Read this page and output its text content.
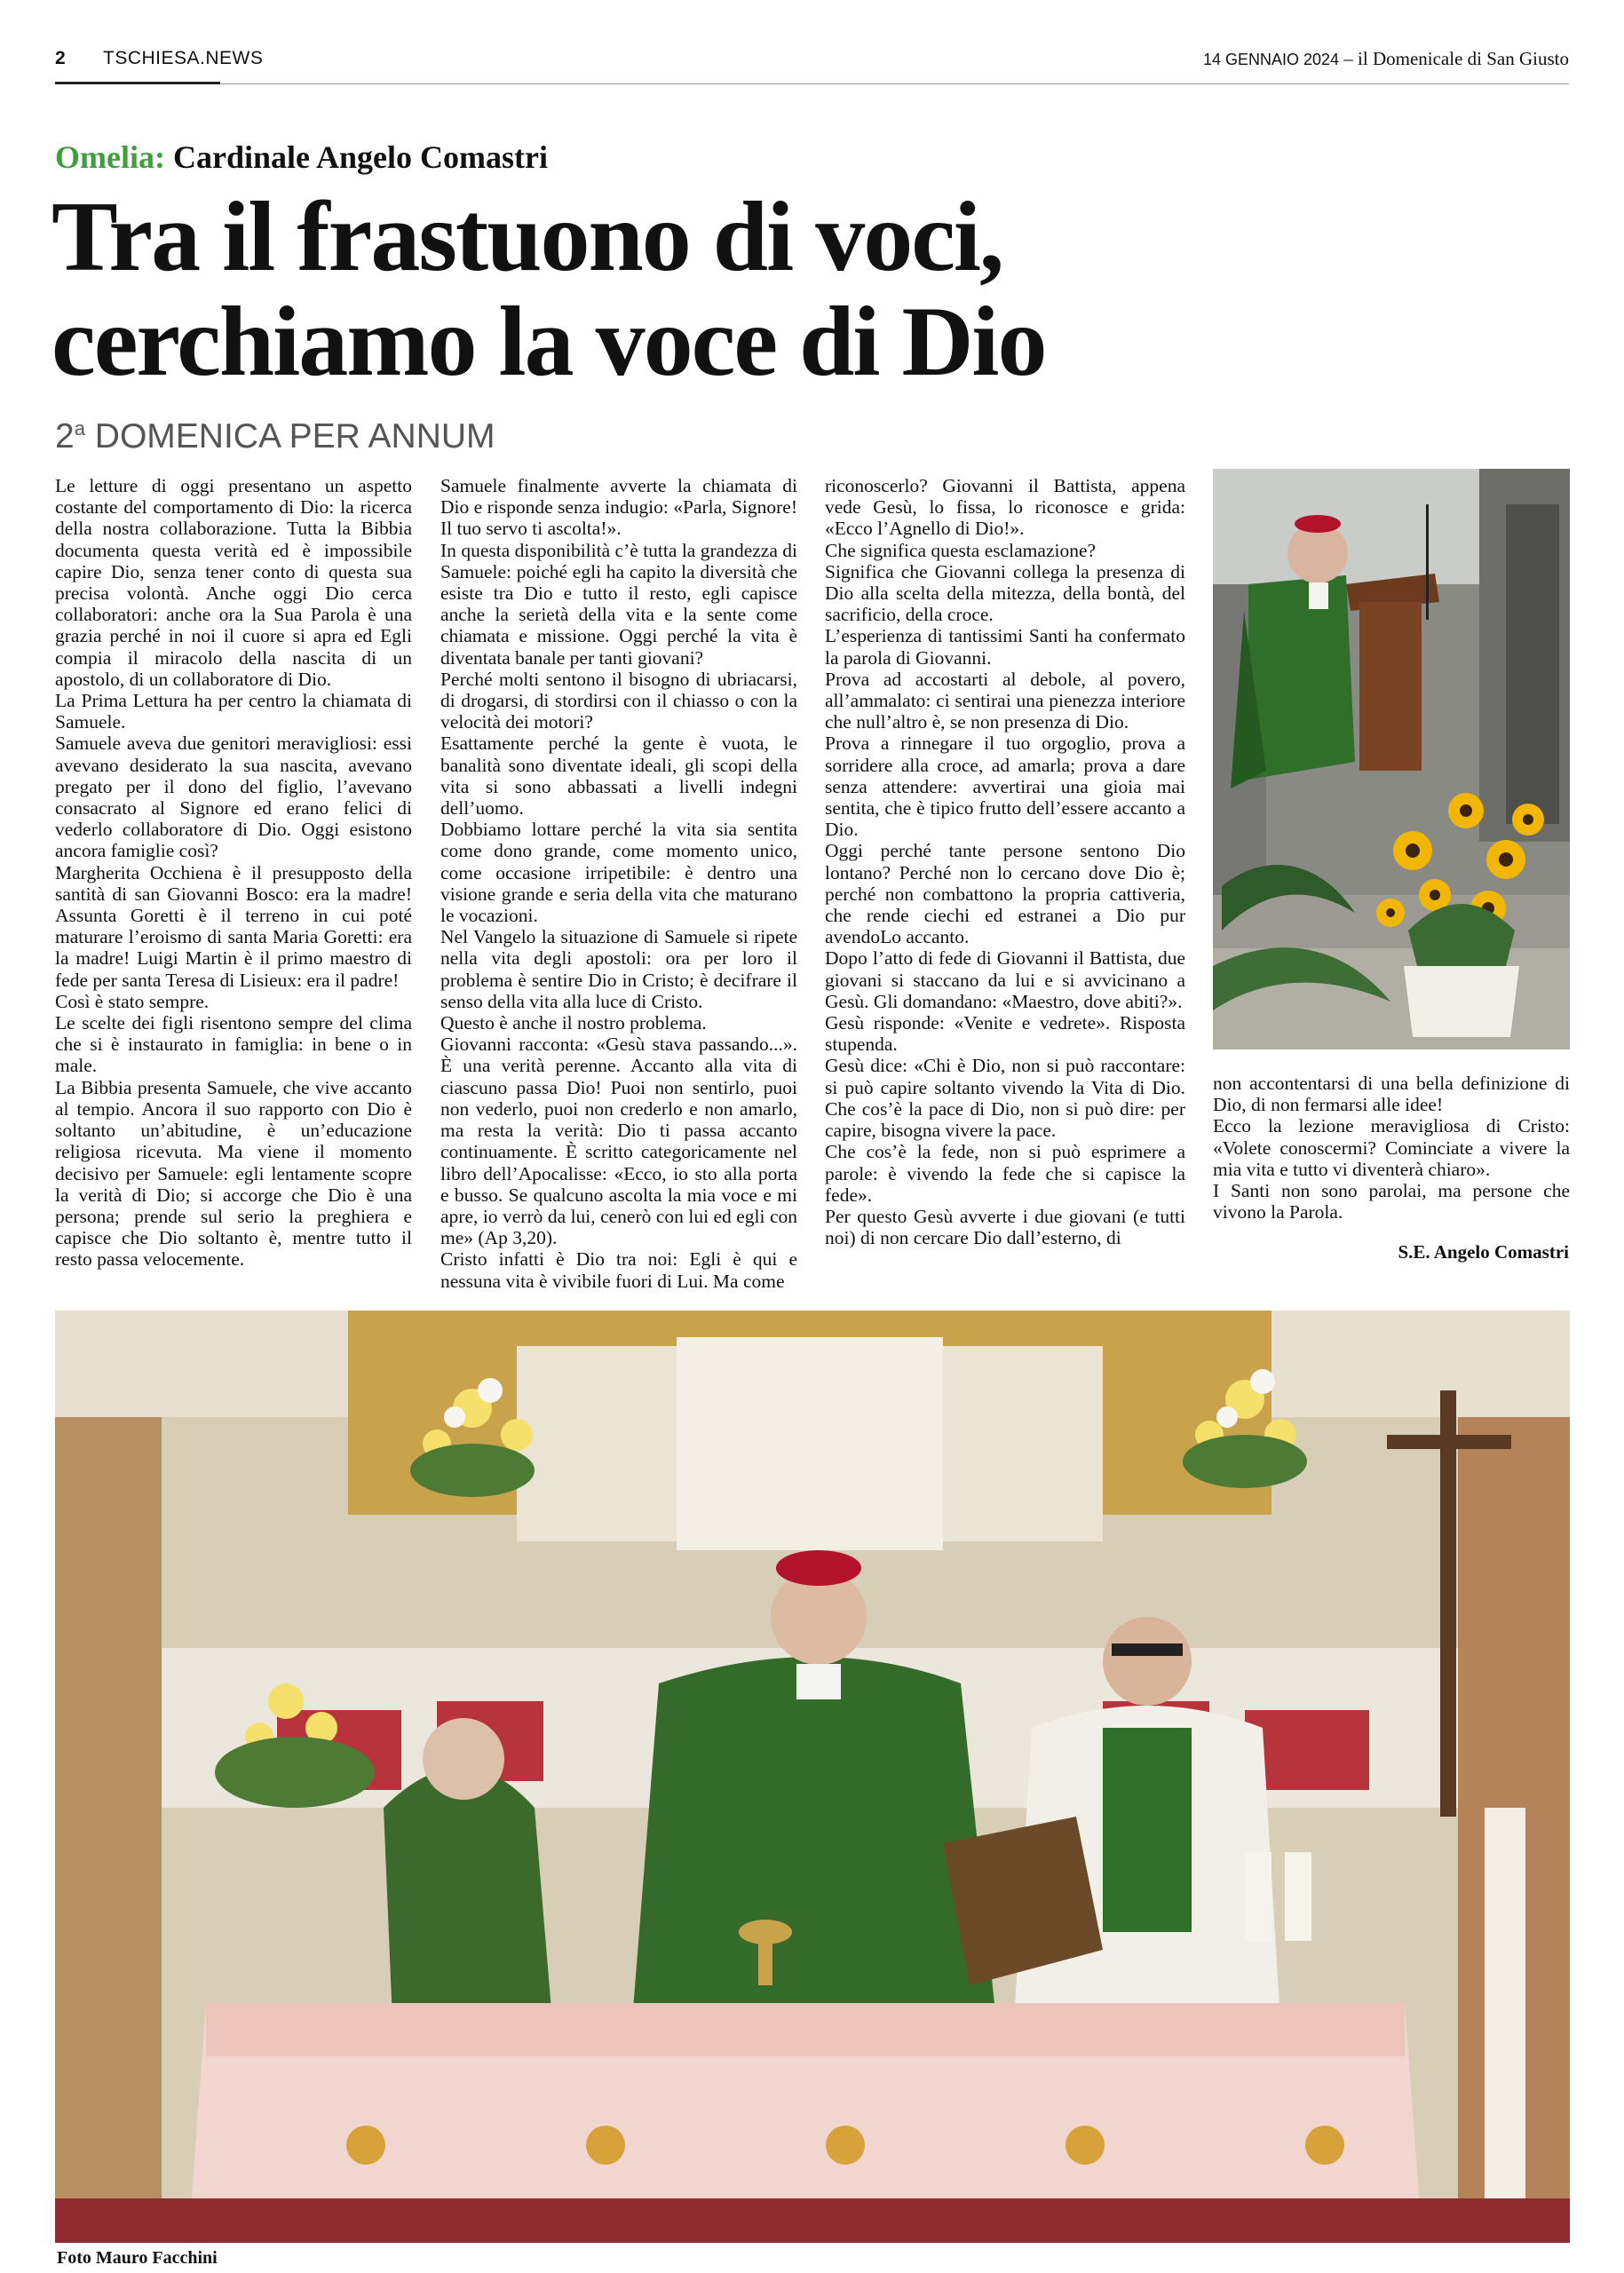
2 TSCHIESA.NEWS	14 GENNAIO 2024 – il Domenicale di San Giusto
Omelia: Cardinale Angelo Comastri
Tra il frastuono di voci,
cerchiamo la voce di Dio
2$^a$ DOMENICA PER ANNUM

Le letture di oggi presentano un aspetto costante del comportamento di Dio: la ricerca della nostra collaborazione. Tutta la Bibbia documenta questa verità ed è impossibile capire Dio, senza tener conto di questa sua precisa volontà. Anche oggi Dio cerca collaboratori: anche ora la Sua Parola è una grazia perché in noi il cuore si apra ed Egli compia il miracolo della nascita di un apostolo, di un collaboratore di Dio.

La Prima Lettura ha per centro la chiamata di Samuele.

Samuele aveva due genitori meravigliosi: essi avevano desiderato la sua nascita, avevano pregato per il dono del figlio, l’avevano consacrato al Signore ed erano felici di vederlo collaboratore di Dio. Oggi esistono ancora famiglie così?

Margherita Occhiena è il presupposto della santità di san Giovanni Bosco: era la madre! Assunta Goretti è il terreno in cui poté maturare l’eroismo di santa Maria Goretti: era la madre! Luigi Martin è il primo maestro di fede per santa Teresa di Lisieux: era il padre!

Così è stato sempre.

Le scelte dei figli risentono sempre del clima che si è instaurato in famiglia: in bene o in male.

La Bibbia presenta Samuele, che vive accanto al tempio. Ancora il suo rapporto con Dio è soltanto un’abitudine, è un’educazione religiosa ricevuta. Ma viene il momento decisivo per Samuele: egli lentamente scopre la verità di Dio; si accorge che Dio è una persona; prende sul serio la preghiera e capisce che Dio soltanto è, mentre tutto il resto passa velocemente.

Samuele finalmente avverte la chiamata di Dio e risponde senza indugio: «Parla, Signore! Il tuo servo ti ascolta!».

In questa disponibilità c’è tutta la grandezza di Samuele: poiché egli ha capito la diversità che esiste tra Dio e tutto il resto, egli capisce anche la serietà della vita e la sente come chiamata e missione. Oggi perché la vita è diventata banale per tanti giovani?

Perché molti sentono il bisogno di ubriacarsi, di drogarsi, di stordirsi con il chiasso o con la velocità dei motori?

Esattamente perché la gente è vuota, le banalità sono diventate ideali, gli scopi della vita si sono abbassati a livelli indegni dell’uomo.

Dobbiamo lottare perché la vita sia sentita come dono grande, come momento unico, come occasione irripetibile: è dentro una visione grande e seria della vita che maturano le vocazioni.

Nel Vangelo la situazione di Samuele si ripete nella vita degli apostoli: ora per loro il problema è sentire Dio in Cristo; è decifrare il senso della vita alla luce di Cristo.

Questo è anche il nostro problema.

Giovanni racconta: «Gesù stava passando...». È una verità perenne. Accanto alla vita di ciascuno passa Dio! Puoi non sentirlo, puoi non vederlo, puoi non crederlo e non amarlo, ma resta la verità: Dio ti passa accanto continuamente. È scritto categoricamente nel libro dell’Apocalisse: «Ecco, io sto alla porta e busso. Se qualcuno ascolta la mia voce e mi apre, io verrò da lui, cenerò con lui ed egli con me» (Ap 3,20).

Cristo infatti è Dio tra noi: Egli è qui e nessuna vita è vivibile fuori di Lui. Ma come

riconoscerlo? Giovanni il Battista, appena vede Gesù, lo fissa, lo riconosce e grida: «Ecco l’Agnello di Dio!».

Che significa questa esclamazione?

Significa che Giovanni collega la presenza di Dio alla scelta della mitezza, della bontà, del sacrificio, della croce.

L’esperienza di tantissimi Santi ha confermato la parola di Giovanni.

Prova ad accostarti al debole, al povero, all’ammalato: ci sentirai una pienezza interiore che null’altro è, se non presenza di Dio.

Prova a rinnegare il tuo orgoglio, prova a sorridere alla croce, ad amarla; prova a dare senza attendere: avvertirai una gioia mai sentita, che è tipico frutto dell’essere accanto a Dio.

Oggi perché tante persone sentono Dio lontano? Perché non lo cercano dove Dio è; perché non combattono la propria cattiveria, che rende ciechi ed estranei a Dio pur avendoLo accanto.

Dopo l’atto di fede di Giovanni il Battista, due giovani si staccano da lui e si avvicinano a Gesù. Gli domandano: «Maestro, dove abiti?».

Gesù risponde: «Venite e vedrete». Risposta stupenda.

Gesù dice: «Chi è Dio, non si può raccontare: si può capire soltanto vivendo la Vita di Dio. Che cos’è la pace di Dio, non si può dire: per capire, bisogna vivere la pace.

Che cos’è la fede, non si può esprimere a parole: è vivendo la fede che si capisce la fede».

Per questo Gesù avverte i due giovani (e tutti noi) di non cercare Dio dall’esterno, di

non accontentarsi di una bella definizione di Dio, di non fermarsi alle idee!

Ecco la lezione meravigliosa di Cristo: «Volete conoscermi? Cominciate a vivere la mia vita e tutto vi diventerà chiaro».

I Santi non sono parolai, ma persone che vivono la Parola.

S.E. Angelo Comastri
Foto Mauro Facchini
